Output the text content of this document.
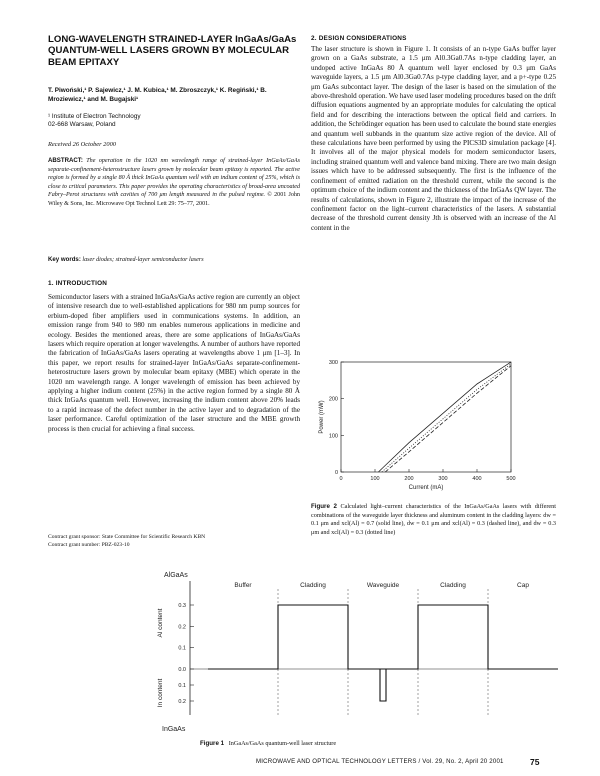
LONG-WAVELENGTH STRAINED-LAYER InGaAs/GaAs QUANTUM-WELL LASERS GROWN BY MOLECULAR BEAM EPITAXY
T. Piwoński,¹ P. Sajewicz,¹ J. M. Kubica,¹ M. Zbroszczyk,¹ K. Regiński,¹ B. Mroziewicz,¹ and M. Bugajski¹
¹ Institute of Electron Technology
02-668 Warsaw, Poland
Received 26 October 2000
ABSTRACT: The operation in the 1020 nm wavelength range of strained-layer InGaAs/GaAs separate-confinement-heterostructure lasers grown by molecular beam epitaxy is reported. The active region is formed by a single 80 Å thick InGaAs quantum well with an indium content of 25%, which is close to critical parameters. This paper provides the operating characteristics of broad-area uncoated Fabry–Perot structures with cavities of 700 μm length measured in the pulsed regime. © 2001 John Wiley & Sons, Inc. Microwave Opt Technol Lett 29: 75–77, 2001.
Key words: laser diodes; strained-layer semiconductor lasers
1. INTRODUCTION
Semiconductor lasers with a strained InGaAs/GaAs active region are currently an object of intensive research due to well-established applications for 980 nm pump sources for erbium-doped fiber amplifiers used in communications systems. In addition, an emission range from 940 to 980 nm enables numerous applications in medicine and ecology. Besides the mentioned areas, there are some applications of InGaAs/GaAs lasers which require operation at longer wavelengths. A number of authors have reported the fabrication of InGaAs/GaAs lasers operating at wavelengths above 1 μm [1–3]. In this paper, we report results for strained-layer InGaAs/GaAs separate-confinement-heterostructure lasers grown by molecular beam epitaxy (MBE) which operate in the 1020 nm wavelength range. A longer wavelength of emission has been achieved by applying a higher indium content (25%) in the active region formed by a single 80 Å thick InGaAs quantum well. However, increasing the indium content above 20% leads to a rapid increase of the defect number in the active layer and to degradation of the laser performance. Careful optimization of the laser structure and the MBE growth process is then crucial for achieving a final success.
Contract grant sponsor: State Committee for Scientific Research KBN
Contract grant number: PBZ-023-10
2. DESIGN CONSIDERATIONS
The laser structure is shown in Figure 1. It consists of an n-type GaAs buffer layer grown on a GaAs substrate, a 1.5 μm Al0.3Ga0.7As n-type cladding layer, an undoped active InGaAs 80 Å quantum well layer enclosed by 0.3 μm GaAs waveguide layers, a 1.5 μm Al0.3Ga0.7As p-type cladding layer, and a p+-type 0.25 μm GaAs subcontact layer. The design of the laser is based on the simulation of the above-threshold operation. We have used laser modeling procedures based on the drift diffusion equations augmented by an appropriate modules for calculating the optical field and for describing the interactions between the optical field and carriers. In addition, the Schrödinger equation has been used to calculate the bound state energies and quantum well subbands in the quantum size active region of the device. All of these calculations have been performed by using the PICS3D simulation package [4]. It involves all of the major physical models for modern semiconductor lasers, including strained quantum well and valence band mixing. There are two main design issues which have to be addressed subsequently. The first is the influence of the confinement of emitted radiation on the threshold current, while the second is the optimum choice of the indium content and the thickness of the InGaAs QW layer. The results of calculations, shown in Figure 2, illustrate the impact of the increase of the confinement factor on the light–current characteristics of the lasers. A substantial decrease of the threshold current density Jth is observed with an increase of the Al content in the
0	100	200	300	400	500
0
100
200
300
Current (mA)
Power (mW)
Figure 2 Calculated light–current characteristics of the InGaAs/GaAs lasers with different combinations of the waveguide layer thickness and aluminum content in the cladding layers: dw = 0.1 μm and xcl(Al) = 0.7 (solid line), dw = 0.1 μm and xcl(Al) = 0.3 (dashed line), and dw = 0.3 μm and xcl(Al) = 0.3 (dotted line)
AlGaAs
InGaAs
Al content
In content
Buffer	Cladding	Waveguide	Cladding	Cap
0.3
0.2
0.1
0.0
0.1
0.2
Figure 1 InGaAs/GaAs quantum-well laser structure
MICROWAVE AND OPTICAL TECHNOLOGY LETTERS / Vol. 29, No. 2, April 20 2001	75
